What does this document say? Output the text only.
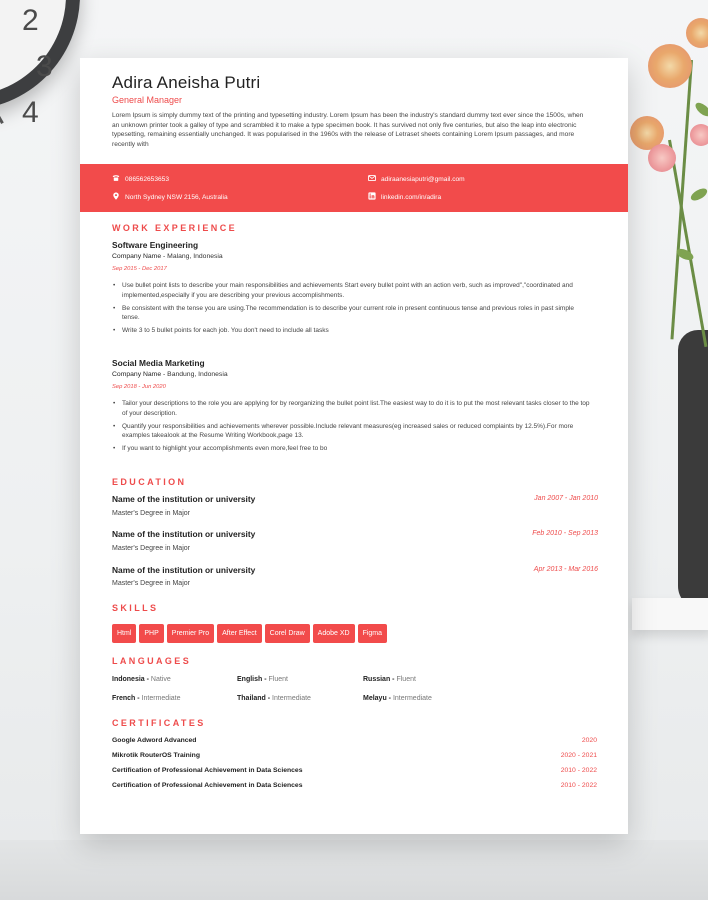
2
3
4
Adira Aneisha Putri
General Manager
Lorem Ipsum is simply dummy text of the printing and typesetting industry. Lorem Ipsum has been the industry's standard dummy text ever since the 1500s, when an unknown printer took a galley of type and scrambled it to make a type specimen book. It has survived not only five centuries, but also the leap into electronic typesetting, remaining essentially unchanged. It was popularised in the 1960s with the release of Letraset sheets containing Lorem Ipsum passages, and more recently with
086562653653	adiraanesiaputri@gmail.com
North Sydney NSW 2156, Australia	linkedin.com/in/adira
WORK EXPERIENCE
Software Engineering
Company Name - Malang, Indonesia
Sep 2015 - Dec 2017
• Use bullet point lists to describe your main responsibilities and achievements Start every bullet point with an action verb, such as improved","coordinated and implemented,especially if you are describing your previous accomplishments.
• Be consistent with the tense you are using.The recommendation is to describe your current role in present continuous tense and previous roles in past simple tense.
• Write 3 to 5 bullet points for each job. You don't need to include all tasks
Social Media Marketing
Company Name - Bandung, Indonesia
Sep 2018 - Jun 2020
• Tailor your descriptions to the role you are applying for by reorganizing the bullet point list.The easiest way to do it is to put the most relevant tasks closer to the top of your description.
• Quantify your responsibilities and achievements wherever possible.Include relevant measures(eg increased sales or reduced complaints by 12.5%).For more examples takealook at the Resume Writing Workbook,page 13.
• If you want to highlight your accomplishments even more,feel free to bo
EDUCATION
Name of the institution or university	Jan 2007 - Jan 2010
Master's Degree in Major
Name of the institution or university	Feb 2010 - Sep 2013
Master's Degree in Major
Name of the institution or university	Apr 2013 - Mar 2016
Master's Degree in Major
SKILLS
Html	PHP	Premier Pro	After Effect	Corel Draw	Adobe XD	Figma
LANGUAGES
Indonesia - Native	English - Fluent	Russian - Fluent
French - Intermediate	Thailand - Intermediate	Melayu - Intermediate
CERTIFICATES
Google Adword Advanced	2020
Mikrotik RouterOS Training	2020 - 2021
Certification of Professional Achievement in Data Sciences	2010 - 2022
Certification of Professional Achievement in Data Sciences	2010 - 2022
